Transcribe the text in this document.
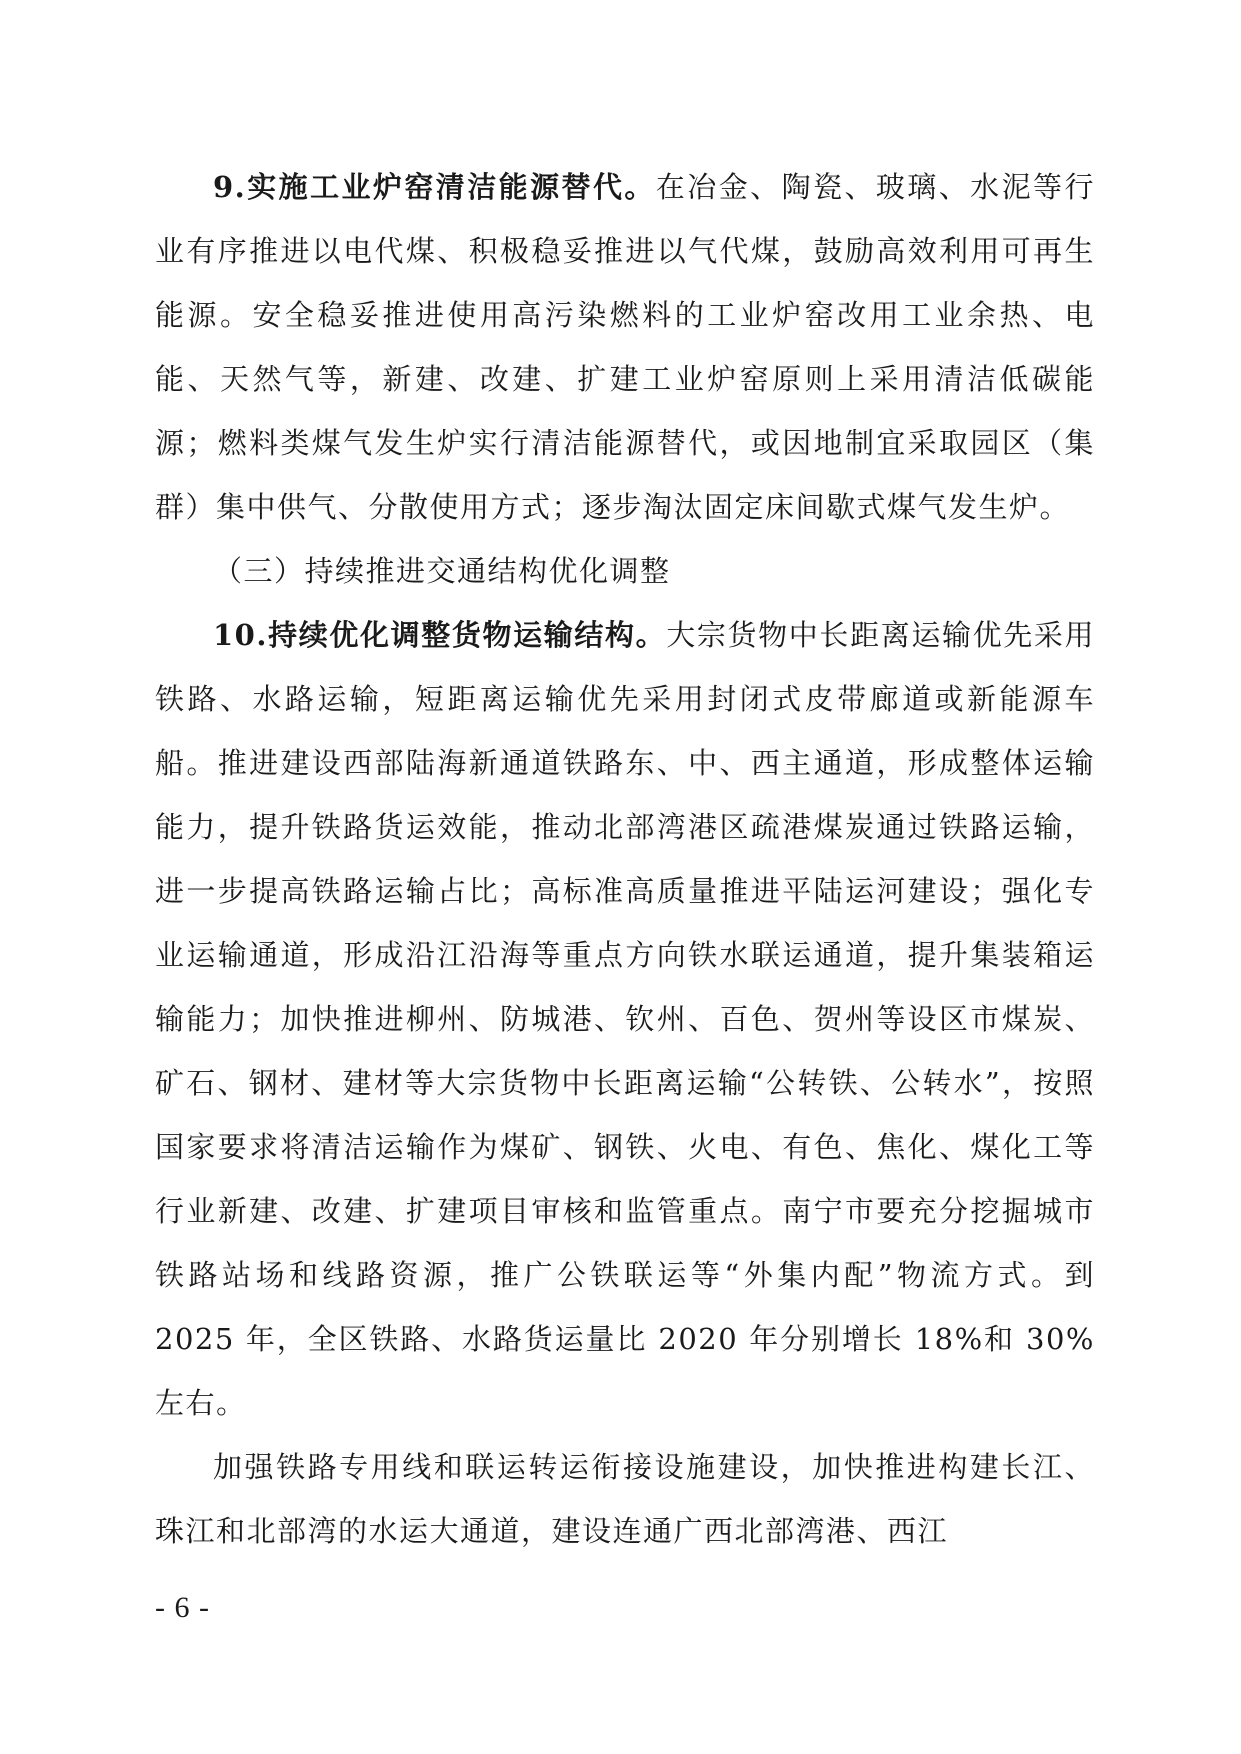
9.实施工业炉窑清洁能源替代。在冶金、陶瓷、玻璃、水泥等行业有序推进以电代煤、积极稳妥推进以气代煤，鼓励高效利用可再生能源。安全稳妥推进使用高污染燃料的工业炉窑改用工业余热、电能、天然气等，新建、改建、扩建工业炉窑原则上采用清洁低碳能源；燃料类煤气发生炉实行清洁能源替代，或因地制宜采取园区（集群）集中供气、分散使用方式；逐步淘汰固定床间歇式煤气发生炉。

（三）持续推进交通结构优化调整

10.持续优化调整货物运输结构。大宗货物中长距离运输优先采用铁路、水路运输，短距离运输优先采用封闭式皮带廊道或新能源车船。推进建设西部陆海新通道铁路东、中、西主通道，形成整体运输能力，提升铁路货运效能，推动北部湾港区疏港煤炭通过铁路运输，进一步提高铁路运输占比；高标准高质量推进平陆运河建设；强化专业运输通道，形成沿江沿海等重点方向铁水联运通道，提升集装箱运输能力；加快推进柳州、防城港、钦州、百色、贺州等设区市煤炭、矿石、钢材、建材等大宗货物中长距离运输“公转铁、公转水”，按照国家要求将清洁运输作为煤矿、钢铁、火电、有色、焦化、煤化工等行业新建、改建、扩建项目审核和监管重点。南宁市要充分挖掘城市铁路站场和线路资源，推广公铁联运等“外集内配”物流方式。到 2025 年，全区铁路、水路货运量比 2020 年分别增长 18%和 30%左右。

加强铁路专用线和联运转运衔接设施建设，加快推进构建长江、珠江和北部湾的水运大通道，建设连通广西北部湾港、西江

- 6 -
